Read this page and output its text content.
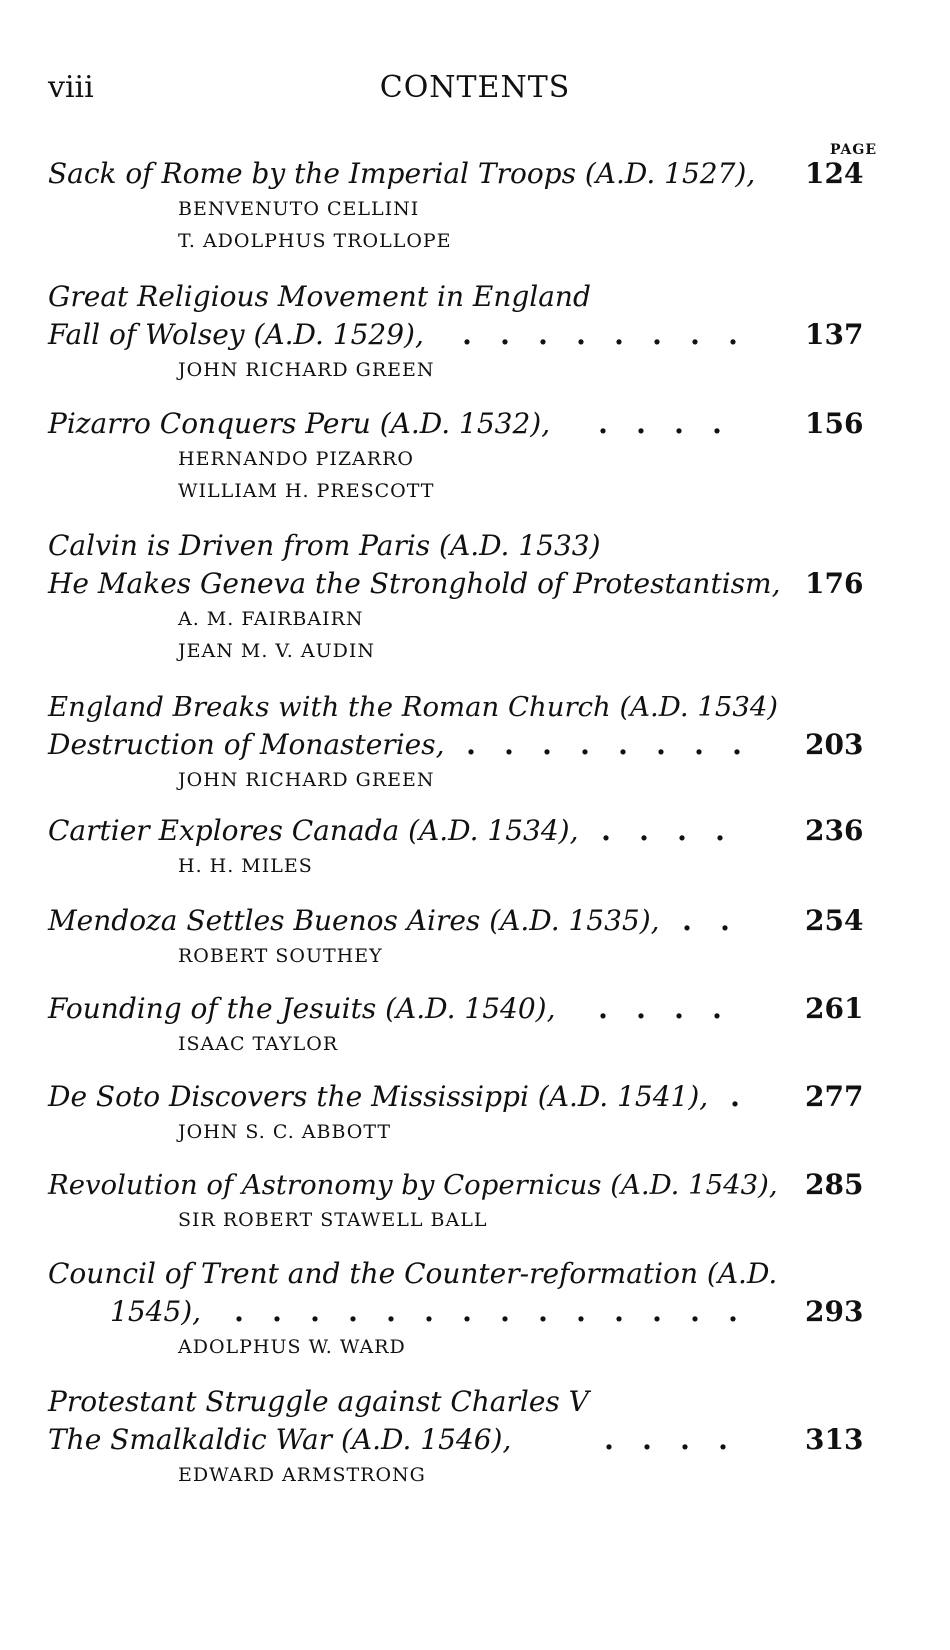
viii	CONTENTS
PAGE
Sack of Rome by the Imperial Troops (A.D. 1527), 124
BENVENUTO CELLINI
T. ADOLPHUS TROLLOPE
Great Religious Movement in England
Fall of Wolsey (A.D. 1529),	. . . . . . . .	137
JOHN RICHARD GREEN
Pizarro Conquers Peru (A.D. 1532),	. . . .	156
HERNANDO PIZARRO
WILLIAM H. PRESCOTT
Calvin is Driven from Paris (A.D. 1533)
He Makes Geneva the Stronghold of Protestantism, 176
A. M. FAIRBAIRN
JEAN M. V. AUDIN
England Breaks with the Roman Church (A.D. 1534)
Destruction of Monasteries, . . . . . . . .	203
JOHN RICHARD GREEN
Cartier Explores Canada (A.D. 1534), . . . .	236
H. H. MILES
Mendoza Settles Buenos Aires (A.D. 1535), . .	254
ROBERT SOUTHEY
Founding of the Jesuits (A.D. 1540),	. . . .	261
ISAAC TAYLOR
De Soto Discovers the Mississippi (A.D. 1541), .	277
JOHN S. C. ABBOTT
Revolution of Astronomy by Copernicus (A.D. 1543), 285
SIR ROBERT STAWELL BALL
Council of Trent and the Counter-reformation (A.D.
1545),	. . . . . . . . . . . . . .	293
ADOLPHUS W. WARD
Protestant Struggle against Charles V
The Smalkaldic War (A.D. 1546),	. . . .	313
EDWARD ARMSTRONG
